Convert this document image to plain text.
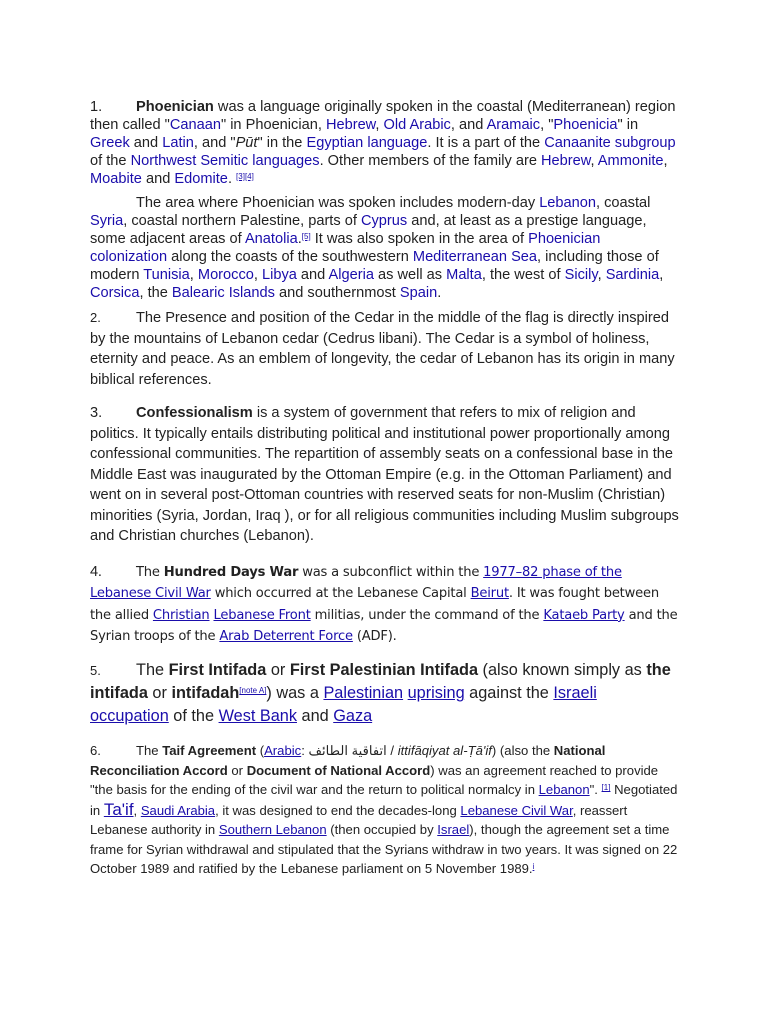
1. Phoenician was a language originally spoken in the coastal (Mediterranean) region then called "Canaan" in Phoenician, Hebrew, Old Arabic, and Aramaic, "Phoenicia" in Greek and Latin, and "Pūt" in the Egyptian language. It is a part of the Canaanite subgroup of the Northwest Semitic languages. Other members of the family are Hebrew, Ammonite, Moabite and Edomite. [3][4]

The area where Phoenician was spoken includes modern-day Lebanon, coastal Syria, coastal northern Palestine, parts of Cyprus and, at least as a prestige language, some adjacent areas of Anatolia.[5] It was also spoken in the area of Phoenician colonization along the coasts of the southwestern Mediterranean Sea, including those of modern Tunisia, Morocco, Libya and Algeria as well as Malta, the west of Sicily, Sardinia, Corsica, the Balearic Islands and southernmost Spain.

2. The Presence and position of the Cedar in the middle of the flag is directly inspired by the mountains of Lebanon cedar (Cedrus libani). The Cedar is a symbol of holiness, eternity and peace. As an emblem of longevity, the cedar of Lebanon has its origin in many biblical references.

3. Confessionalism is a system of government that refers to mix of religion and politics. It typically entails distributing political and institutional power proportionally among confessional communities. The repartition of assembly seats on a confessional base in the Middle East was inaugurated by the Ottoman Empire (e.g. in the Ottoman Parliament) and went on in several post-Ottoman countries with reserved seats for non-Muslim (Christian) minorities (Syria, Jordan, Iraq ), or for all religious communities including Muslim subgroups and Christian churches (Lebanon).

4.	The Hundred Days War was a subconflict within the 1977–82 phase of the Lebanese Civil War which occurred at the Lebanese Capital Beirut. It was fought between the allied Christian Lebanese Front militias, under the command of the Kataeb Party and the Syrian troops of the Arab Deterrent Force (ADF).

5. The First Intifada or First Palestinian Intifada (also known simply as the intifada or intifadah[note A]) was a Palestinian uprising against the Israeli occupation of the West Bank and Gaza

6.	The Taif Agreement (Arabic: اتفاقية الطائف / ittifāqiyat al-Ṭā'if) (also the National Reconciliation Accord or Document of National Accord) was an agreement reached to provide "the basis for the ending of the civil war and the return to political normalcy in Lebanon". [1] Negotiated in Ta'if, Saudi Arabia, it was designed to end the decades-long Lebanese Civil War, reassert Lebanese authority in Southern Lebanon (then occupied by Israel), though the agreement set a time frame for Syrian withdrawal and stipulated that the Syrians withdraw in two years. It was signed on 22 October 1989 and ratified by the Lebanese parliament on 5 November 1989.$^i$
